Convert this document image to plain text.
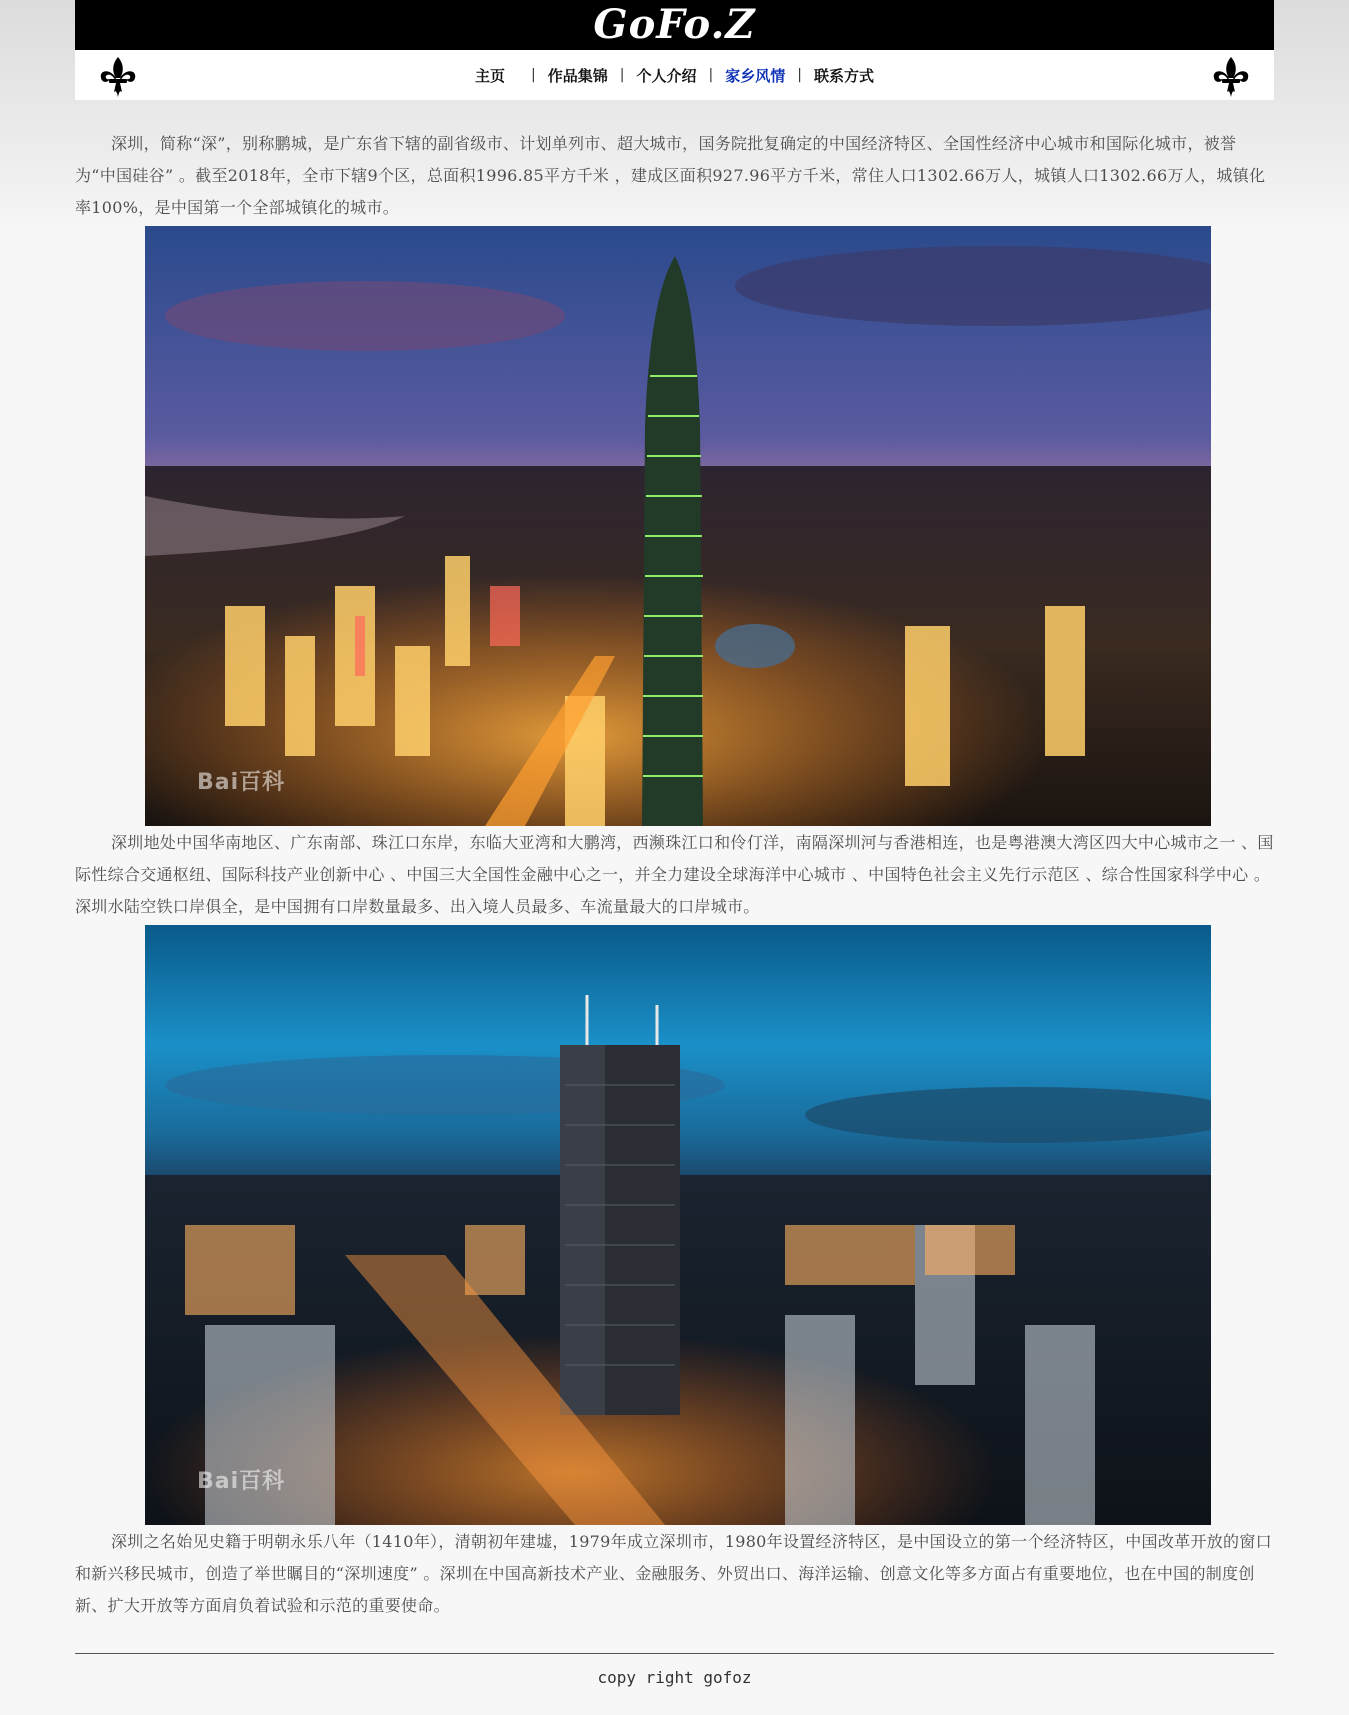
GoFo.Z
主页	| 作品集锦 | 个人介绍 | 家乡风情 | 联系方式

深圳，简称“深”，别称鹏城，是广东省下辖的副省级市、计划单列市、超大城市，国务院批复确定的中国经济特区、全国性经济中心城市和国际化城市，被誉为“中国硅谷” 。截至2018年，全市下辖9个区，总面积1996.85平方千米 ，建成区面积927.96平方千米，常住人口1302.66万人，城镇人口1302.66万人，城镇化率100%，是中国第一个全部城镇化的城市。

Bai百科

深圳地处中国华南地区、广东南部、珠江口东岸，东临大亚湾和大鹏湾，西濒珠江口和伶仃洋，南隔深圳河与香港相连，也是粤港澳大湾区四大中心城市之一 、国际性综合交通枢纽、国际科技产业创新中心 、中国三大全国性金融中心之一，并全力建设全球海洋中心城市 、中国特色社会主义先行示范区 、综合性国家科学中心 。深圳水陆空铁口岸俱全，是中国拥有口岸数量最多、出入境人员最多、车流量最大的口岸城市。

Bai百科

深圳之名始见史籍于明朝永乐八年（1410年），清朝初年建墟，1979年成立深圳市，1980年设置经济特区，是中国设立的第一个经济特区，中国改革开放的窗口和新兴移民城市，创造了举世瞩目的“深圳速度” 。深圳在中国高新技术产业、金融服务、外贸出口、海洋运输、创意文化等多方面占有重要地位，也在中国的制度创新、扩大开放等方面肩负着试验和示范的重要使命。

copy right gofoz
